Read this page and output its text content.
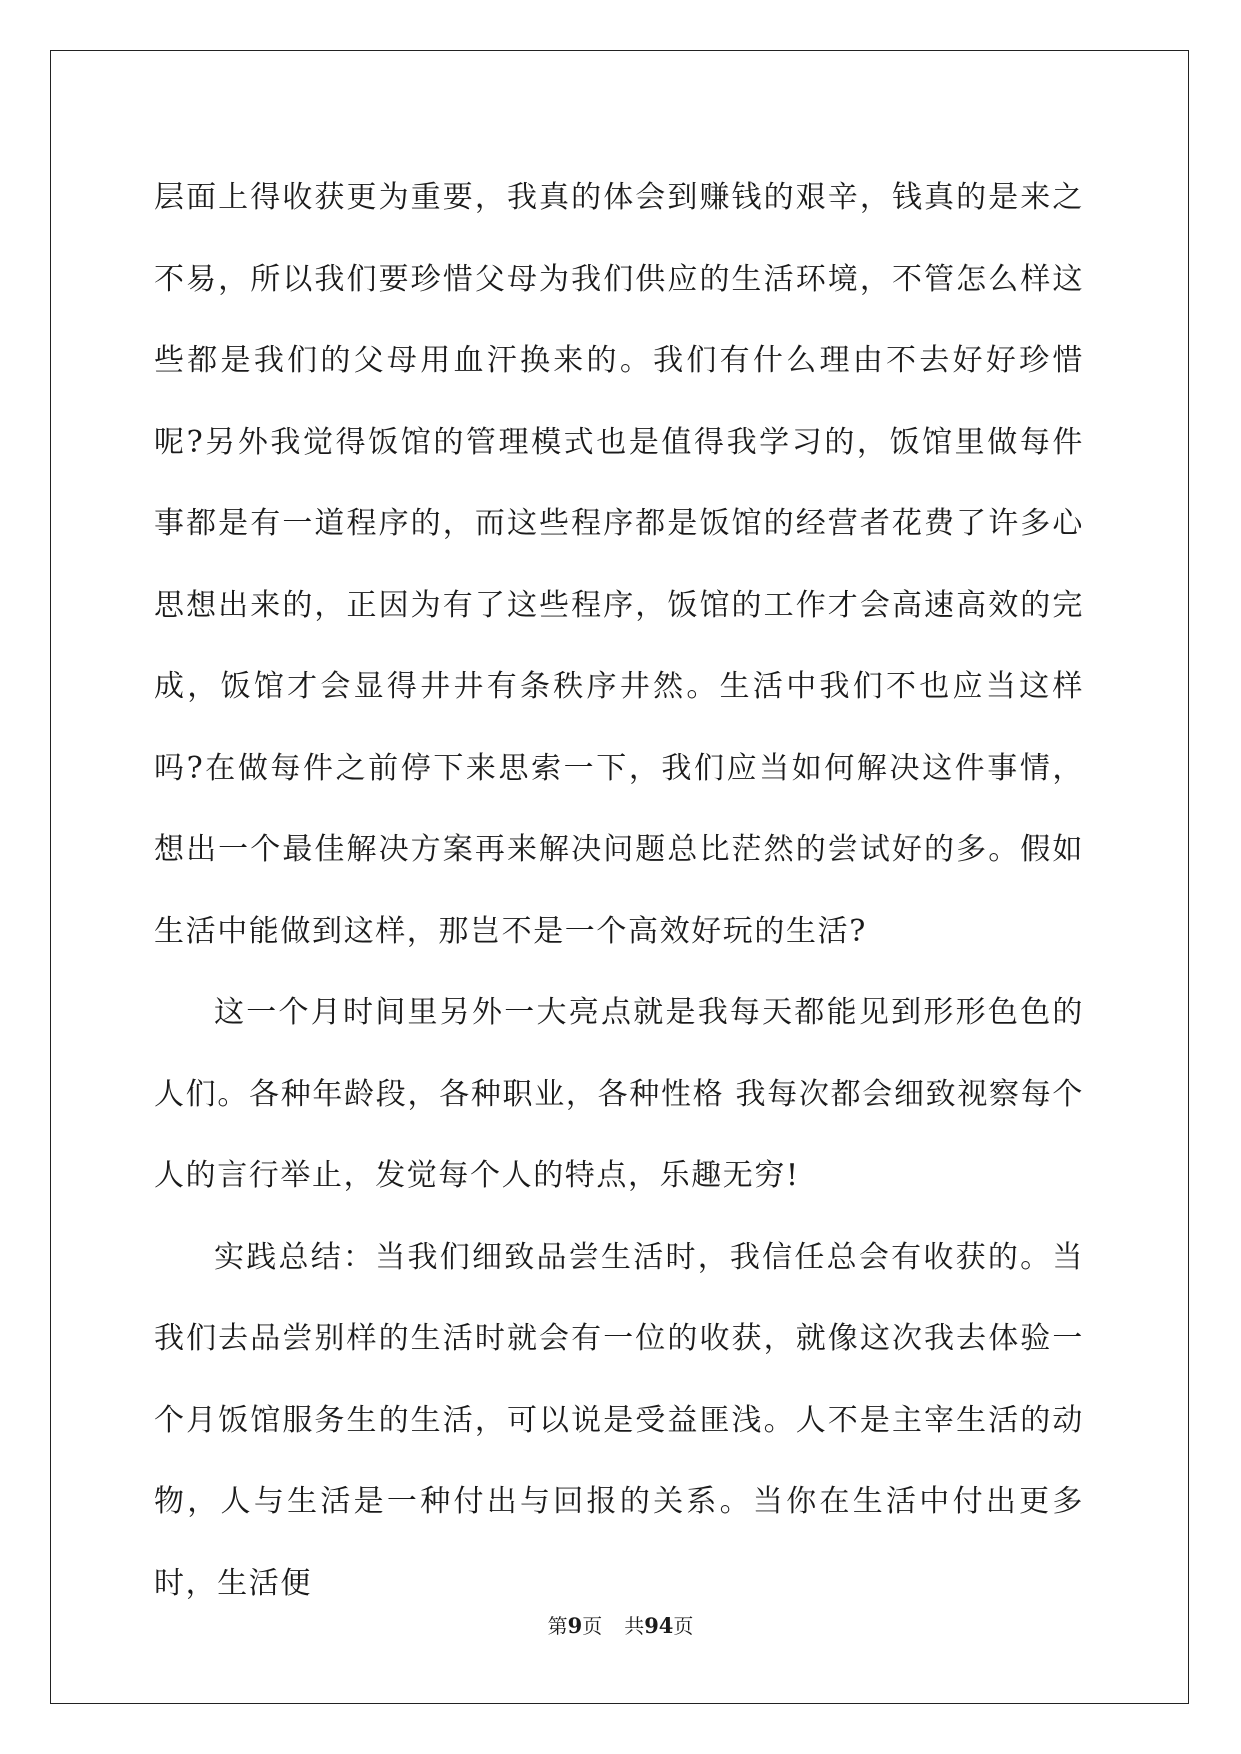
层面上得收获更为重要，我真的体会到赚钱的艰辛，钱真的是来之不易，所以我们要珍惜父母为我们供应的生活环境，不管怎么样这些都是我们的父母用血汗换来的。我们有什么理由不去好好珍惜呢?另外我觉得饭馆的管理模式也是值得我学习的，饭馆里做每件事都是有一道程序的，而这些程序都是饭馆的经营者花费了许多心思想出来的，正因为有了这些程序，饭馆的工作才会高速高效的完成，饭馆才会显得井井有条秩序井然。生活中我们不也应当这样吗?在做每件之前停下来思索一下，我们应当如何解决这件事情，想出一个最佳解决方案再来解决问题总比茫然的尝试好的多。假如生活中能做到这样，那岂不是一个高效好玩的生活?

这一个月时间里另外一大亮点就是我每天都能见到形形色色的人们。各种年龄段，各种职业，各种性格 我每次都会细致视察每个人的言行举止，发觉每个人的特点，乐趣无穷!

实践总结：当我们细致品尝生活时，我信任总会有收获的。当我们去品尝别样的生活时就会有一位的收获，就像这次我去体验一个月饭馆服务生的生活，可以说是受益匪浅。人不是主宰生活的动物，人与生活是一种付出与回报的关系。当你在生活中付出更多时，生活便

第9页 共94页
